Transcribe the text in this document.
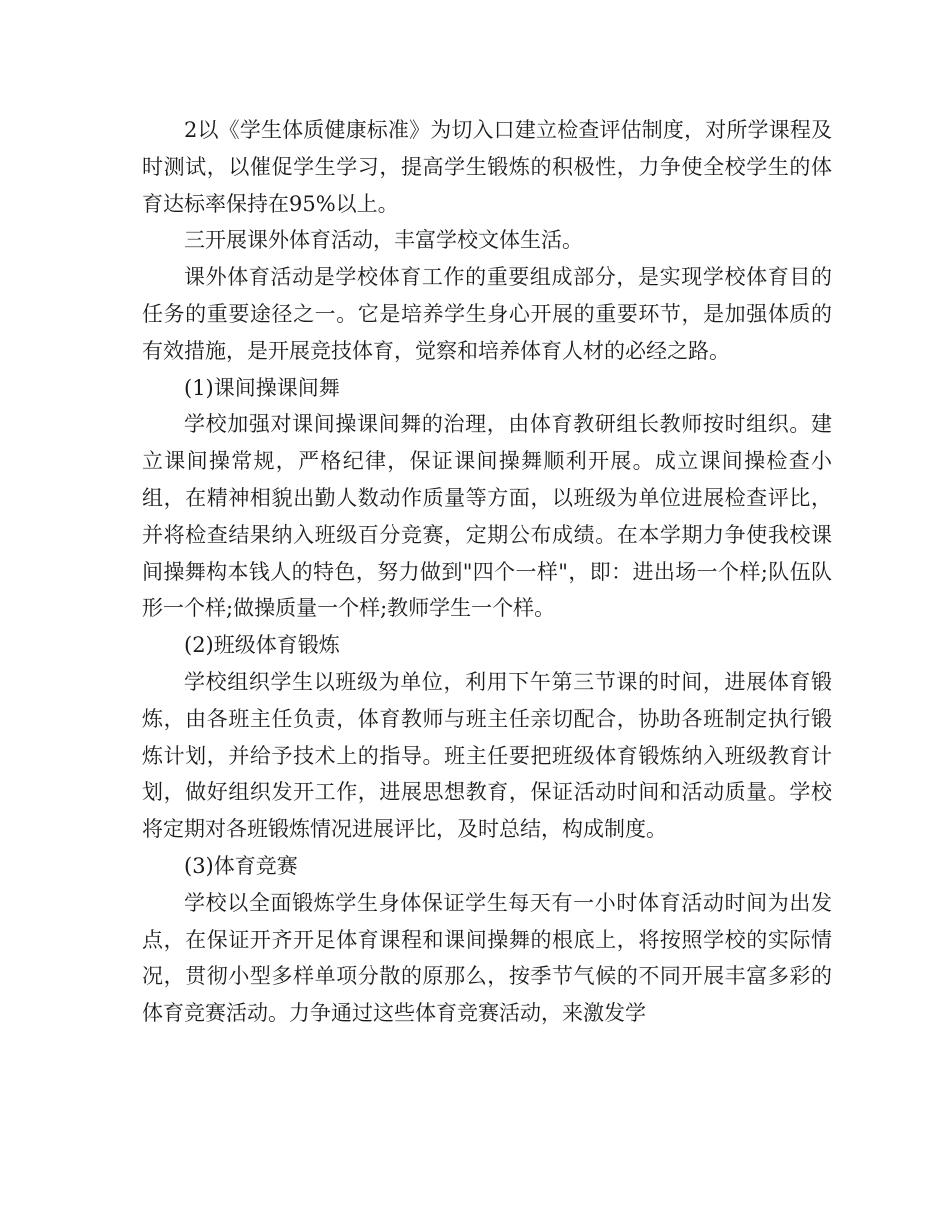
2以《学生体质健康标准》为切入口建立检查评估制度，对所学课程及时测试，以催促学生学习，提高学生锻炼的积极性，力争使全校学生的体育达标率保持在95%以上。

三开展课外体育活动，丰富学校文体生活。

课外体育活动是学校体育工作的重要组成部分，是实现学校体育目的任务的重要途径之一。它是培养学生身心开展的重要环节，是加强体质的有效措施，是开展竞技体育，觉察和培养体育人材的必经之路。

(1)课间操课间舞

学校加强对课间操课间舞的治理，由体育教研组长教师按时组织。建立课间操常规，严格纪律，保证课间操舞顺利开展。成立课间操检查小组，在精神相貌出勤人数动作质量等方面，以班级为单位进展检查评比，并将检查结果纳入班级百分竞赛，定期公布成绩。在本学期力争使我校课间操舞构本钱人的特色，努力做到"四个一样"，即：进出场一个样;队伍队形一个样;做操质量一个样;教师学生一个样。

(2)班级体育锻炼

学校组织学生以班级为单位，利用下午第三节课的时间，进展体育锻炼，由各班主任负责，体育教师与班主任亲切配合，协助各班制定执行锻炼计划，并给予技术上的指导。班主任要把班级体育锻炼纳入班级教育计划，做好组织发开工作，进展思想教育，保证活动时间和活动质量。学校将定期对各班锻炼情况进展评比，及时总结，构成制度。

(3)体育竞赛

学校以全面锻炼学生身体保证学生每天有一小时体育活动时间为出发点，在保证开齐开足体育课程和课间操舞的根底上，将按照学校的实际情况，贯彻小型多样单项分散的原那么，按季节气候的不同开展丰富多彩的体育竞赛活动。力争通过这些体育竞赛活动，来激发学
